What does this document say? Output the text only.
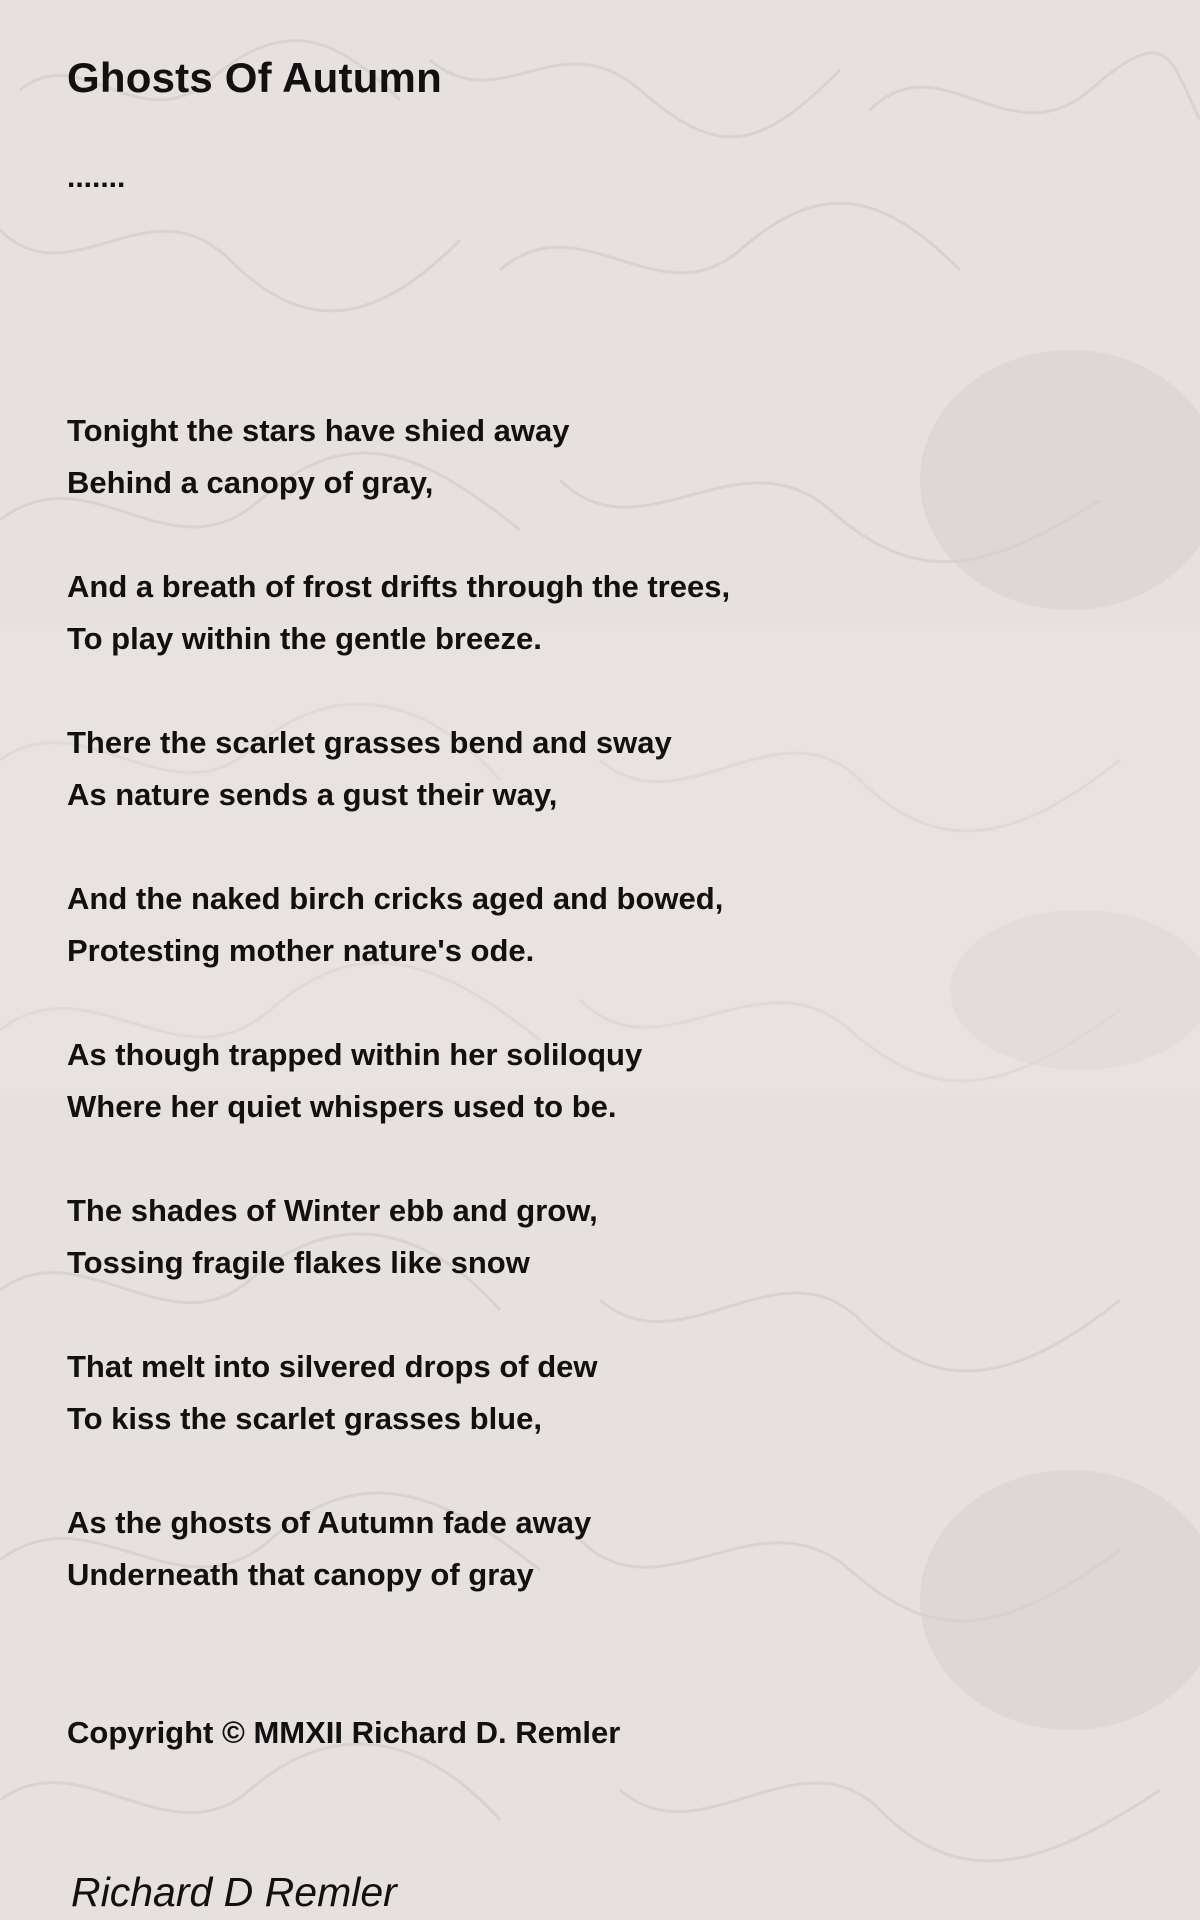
Ghosts Of Autumn

.......

Tonight the stars have shied away
Behind a canopy of gray,
And a breath of frost drifts through the trees,
To play within the gentle breeze.
There the scarlet grasses bend and sway
As nature sends a gust their way,
And the naked birch cricks aged and bowed,
Protesting mother nature's ode.
As though trapped within her soliloquy
Where her quiet whispers used to be.
The shades of Winter ebb and grow,
Tossing fragile flakes like snow
That melt into silvered drops of dew
To kiss the scarlet grasses blue,
As the ghosts of Autumn fade away
Underneath that canopy of gray

Copyright © MMXII Richard D. Remler

Richard D Remler
